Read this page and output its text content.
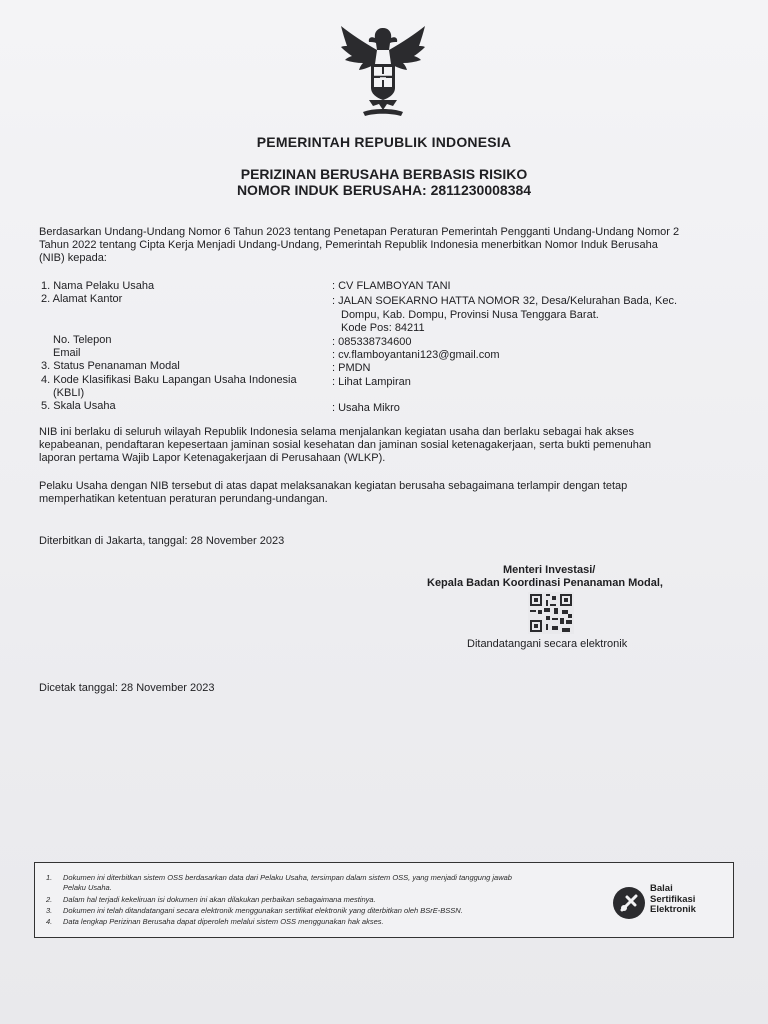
PEMERINTAH REPUBLIK INDONESIA
PERIZINAN BERUSAHA BERBASIS RISIKO
NOMOR INDUK BERUSAHA: 2811230008384
Berdasarkan Undang-Undang Nomor 6 Tahun 2023 tentang Penetapan Peraturan Pemerintah Pengganti Undang-Undang Nomor 2
Tahun 2022 tentang Cipta Kerja Menjadi Undang-Undang, Pemerintah Republik Indonesia menerbitkan Nomor Induk Berusaha
(NIB) kepada:
1. Nama Pelaku Usaha	: CV FLAMBOYAN TANI
2. Alamat Kantor	: JALAN SOEKARNO HATTA NOMOR 32, Desa/Kelurahan Bada, Kec.
Dompu, Kab. Dompu, Provinsi Nusa Tenggara Barat.
Kode Pos: 84211
No. Telepon	: 085338734600
Email	: cv.flamboyantani123@gmail.com
3. Status Penanaman Modal	: PMDN
4. Kode Klasifikasi Baku Lapangan Usaha Indonesia
(KBLI)
: Lihat Lampiran
5. Skala Usaha	: Usaha Mikro
NIB ini berlaku di seluruh wilayah Republik Indonesia selama menjalankan kegiatan usaha dan berlaku sebagai hak akses
kepabeanan, pendaftaran kepesertaan jaminan sosial kesehatan dan jaminan sosial ketenagakerjaan, serta bukti pemenuhan
laporan pertama Wajib Lapor Ketenagakerjaan di Perusahaan (WLKP).
Pelaku Usaha dengan NIB tersebut di atas dapat melaksanakan kegiatan berusaha sebagaimana terlampir dengan tetap
memperhatikan ketentuan peraturan perundang-undangan.
Diterbitkan di Jakarta, tanggal: 28 November 2023
Menteri Investasi/
Kepala Badan Koordinasi Penanaman Modal,
Ditandatangani secara elektronik
Dicetak tanggal: 28 November 2023
1. Dokumen ini diterbitkan sistem OSS berdasarkan data dari Pelaku Usaha, tersimpan dalam sistem OSS, yang menjadi tanggung jawab
Pelaku Usaha.
2. Dalam hal terjadi kekeliruan isi dokumen ini akan dilakukan perbaikan sebagaimana mestinya.
3. Dokumen ini telah ditandatangani secara elektronik menggunakan sertifikat elektronik yang diterbitkan oleh BSrE-BSSN.
4. Data lengkap Perizinan Berusaha dapat diperoleh melalui sistem OSS menggunakan hak akses.
Balai
Sertifikasi
Elektronik
